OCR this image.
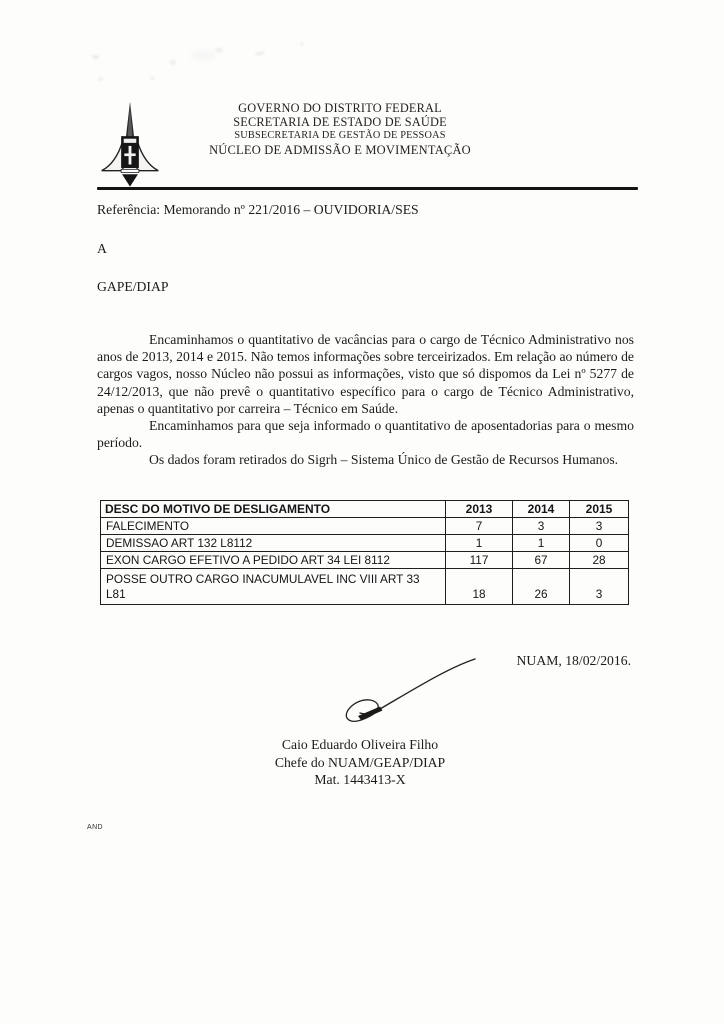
GOVERNO DO DISTRITO FEDERAL
SECRETARIA DE ESTADO DE SAÚDE
SUBSECRETARIA DE GESTÃO DE PESSOAS
NÚCLEO DE ADMISSÃO E MOVIMENTAÇÃO
Referência: Memorando nº 221/2016 – OUVIDORIA/SES
A
GAPE/DIAP

Encaminhamos o quantitativo de vacâncias para o cargo de Técnico Administrativo nos anos de 2013, 2014 e 2015. Não temos informações sobre terceirizados. Em relação ao número de cargos vagos, nosso Núcleo não possui as informações, visto que só dispomos da Lei nº 5277 de 24/12/2013, que não prevê o quantitativo específico para o cargo de Técnico Administrativo, apenas o quantitativo por carreira – Técnico em Saúde.

Encaminhamos para que seja informado o quantitativo de aposentadorias para o mesmo período.

Os dados foram retirados do Sigrh – Sistema Único de Gestão de Recursos Humanos.

DESC DO MOTIVO DE DESLIGAMENTO	2013	2014	2015
FALECIMENTO	7	3	3
DEMISSAO ART 132 L8112	1	1	0
EXON CARGO EFETIVO A PEDIDO ART 34 LEI 8112	117	67	28

POSSE OUTRO CARGO INACUMULAVEL INC VIII ART 33 L81	18	26	3
NUAM, 18/02/2016.
Caio Eduardo Oliveira Filho
Chefe do NUAM/GEAP/DIAP
Mat. 1443413-X
AND
